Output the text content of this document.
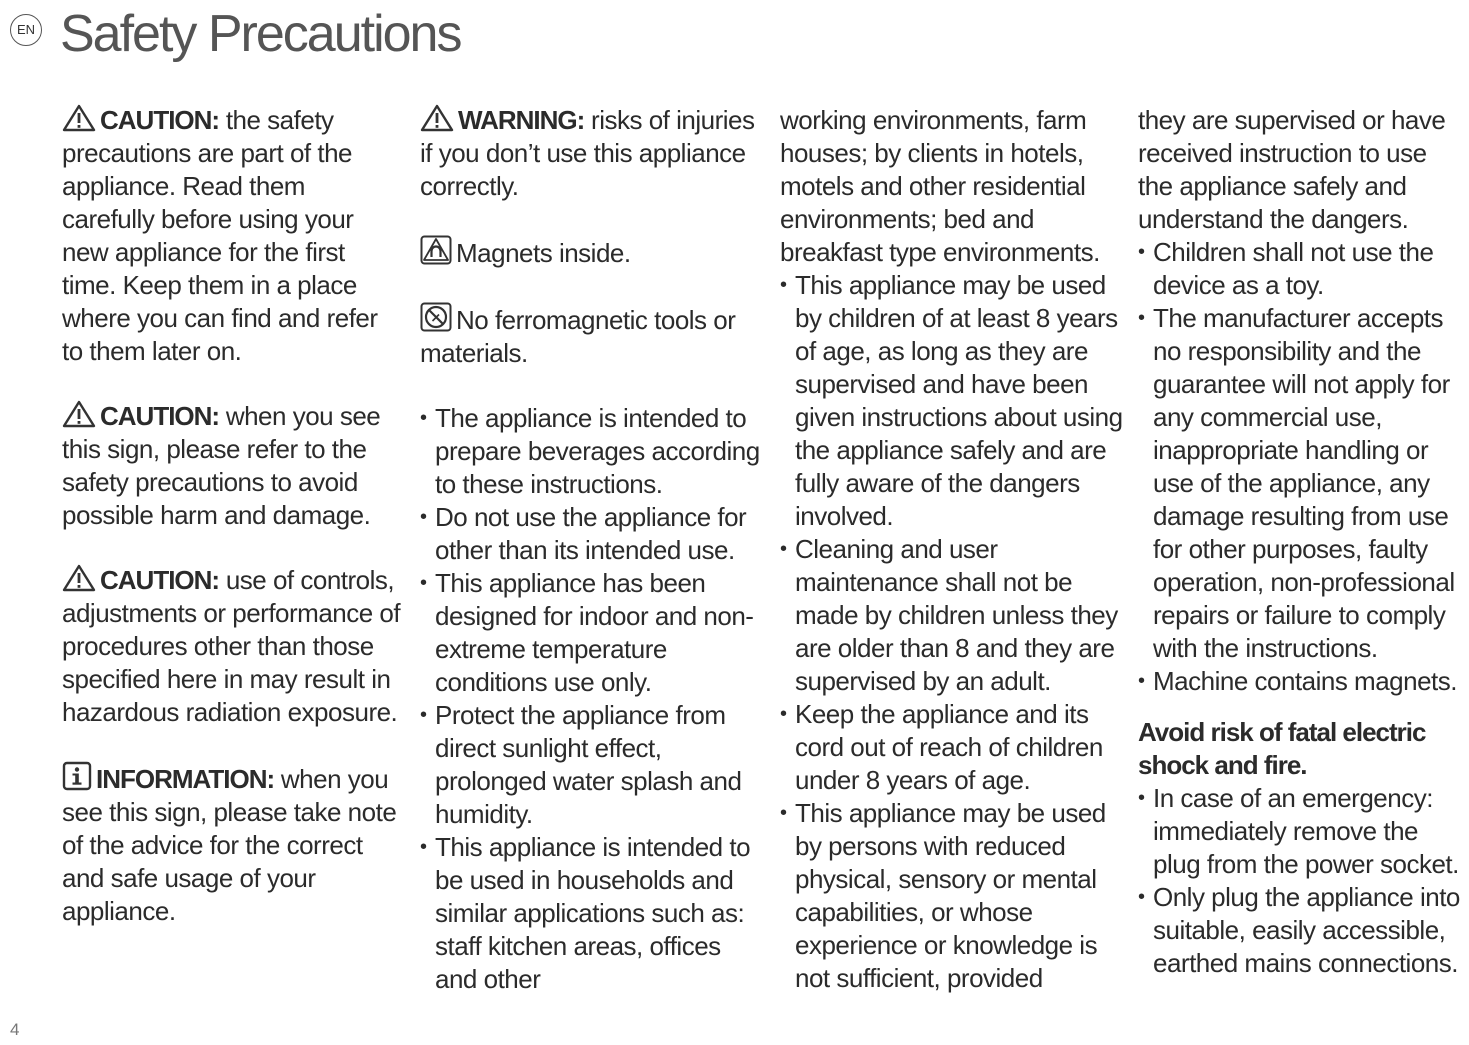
EN Safety Precautions

CAUTION: the safety precautions are part of the appliance. Read them carefully before using your new appliance for the first time. Keep them in a place where you can find and refer to them later on.

CAUTION: when you see this sign, please refer to the safety precautions to avoid possible harm and damage.

CAUTION: use of controls, adjustments or performance of procedures other than those specified here in may result in hazardous radiation exposure.

INFORMATION: when you see this sign, please take note of the advice for the correct and safe usage of your appliance.

WARNING: risks of injuries if you don’t use this appliance correctly.

Magnets inside.

No ferromagnetic tools or materials.

• The appliance is intended to prepare beverages according to these instructions.
• Do not use the appliance for other than its intended use.
• This appliance has been designed for indoor and non-extreme temperature conditions use only.
• Protect the appliance from direct sunlight effect, prolonged water splash and humidity.
• This appliance is intended to be used in households and similar applications such as: staff kitchen areas, offices and other

working environments, farm houses; by clients in hotels, motels and other residential environments; bed and breakfast type environments.

• This appliance may be used by children of at least 8 years of age, as long as they are supervised and have been given instructions about using the appliance safely and are fully aware of the dangers involved.
• Cleaning and user maintenance shall not be made by children unless they are older than 8 and they are supervised by an adult.
• Keep the appliance and its cord out of reach of children under 8 years of age.
• This appliance may be used by persons with reduced physical, sensory or mental capabilities, or whose experience or knowledge is not sufficient, provided

they are supervised or have received instruction to use the appliance safely and understand the dangers.

• Children shall not use the device as a toy.
• The manufacturer accepts no responsibility and the guarantee will not apply for any commercial use, inappropriate handling or use of the appliance, any damage resulting from use for other purposes, faulty operation, non-professional repairs or failure to comply with the instructions.
• Machine contains magnets.

Avoid risk of fatal electric shock and fire.

• In case of an emergency: immediately remove the plug from the power socket.
• Only plug the appliance into suitable, easily accessible, earthed mains connections.
4
